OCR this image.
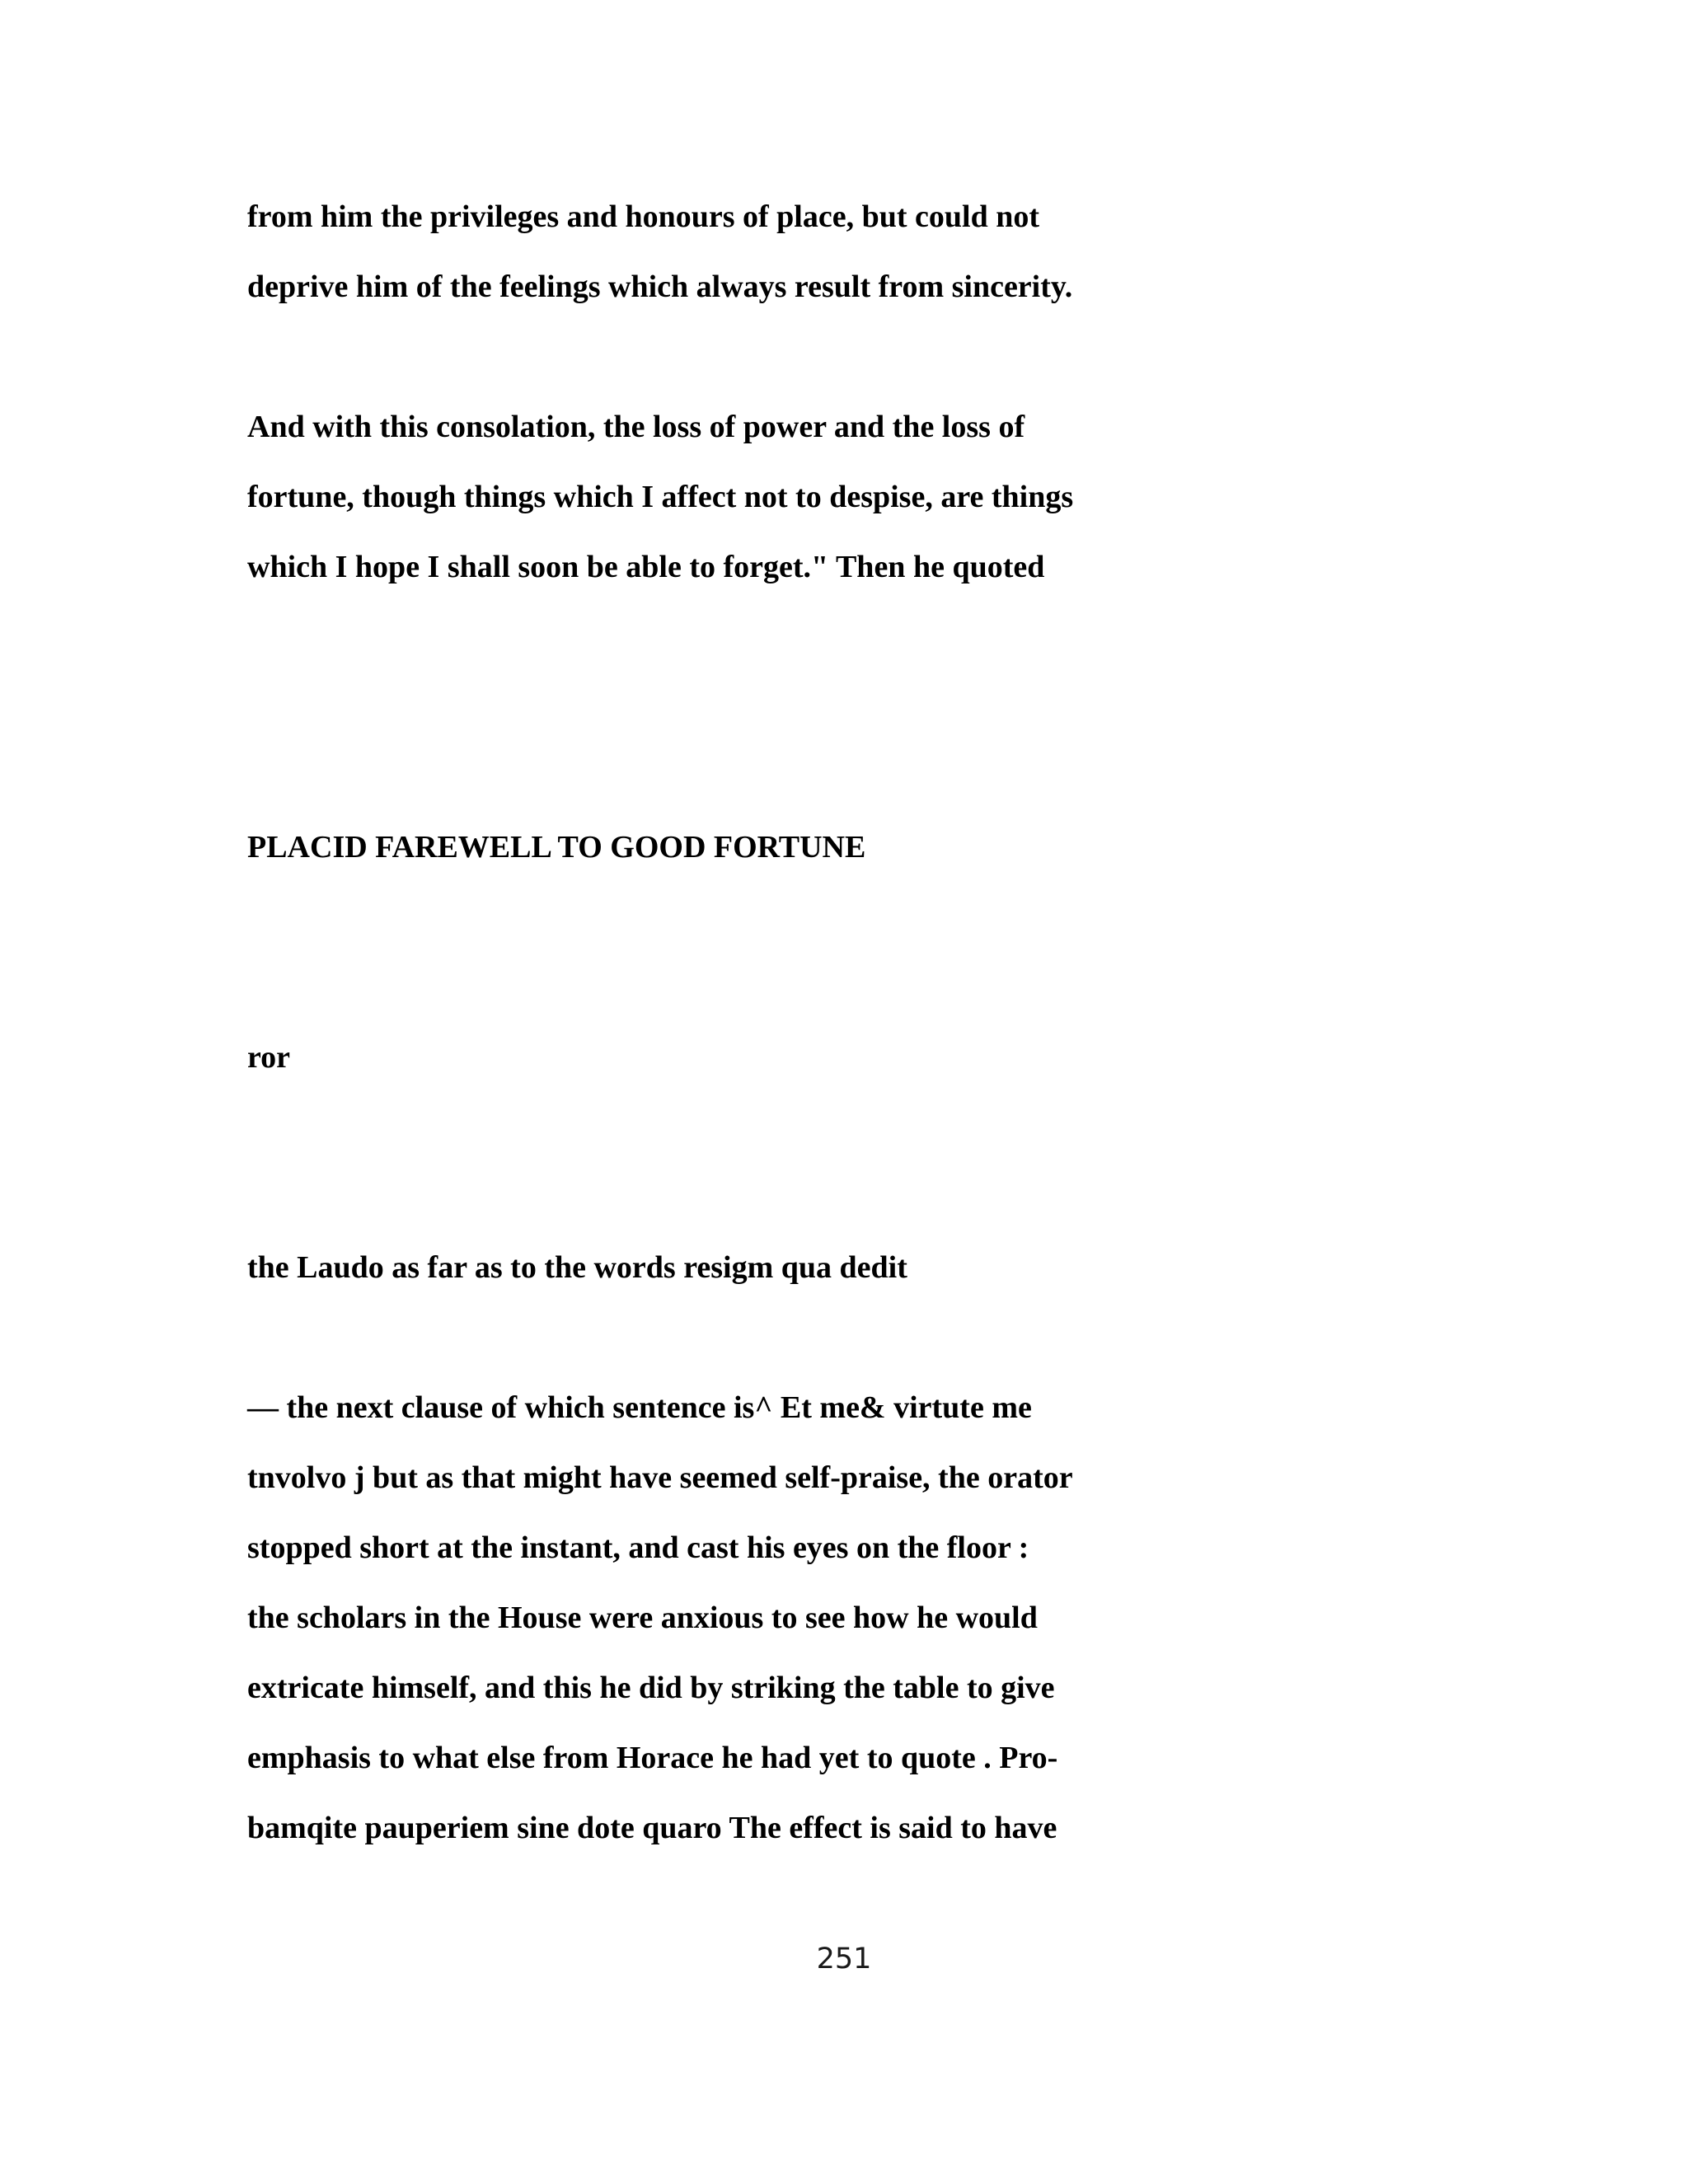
from him the privileges and honours of place, but could not
deprive him of the feelings which always result from sincerity.
And with this consolation, the loss of power and the loss of
fortune, though things which I affect not to despise, are things
which I hope I shall soon be able to forget." Then he quoted
PLACID FAREWELL TO GOOD FORTUNE
ror
the Laudo as far as to the words resigm qua dedit
— the next clause of which sentence is^ Et me& virtute me
tnvolvo j but as that might have seemed self-praise, the orator
stopped short at the instant, and cast his eyes on the floor :
the scholars in the House were anxious to see how he would
extricate himself, and this he did by striking the table to give
emphasis to what else from Horace he had yet to quote . Pro-
bamqite pauperiem sine dote quaro The effect is said to have
251
